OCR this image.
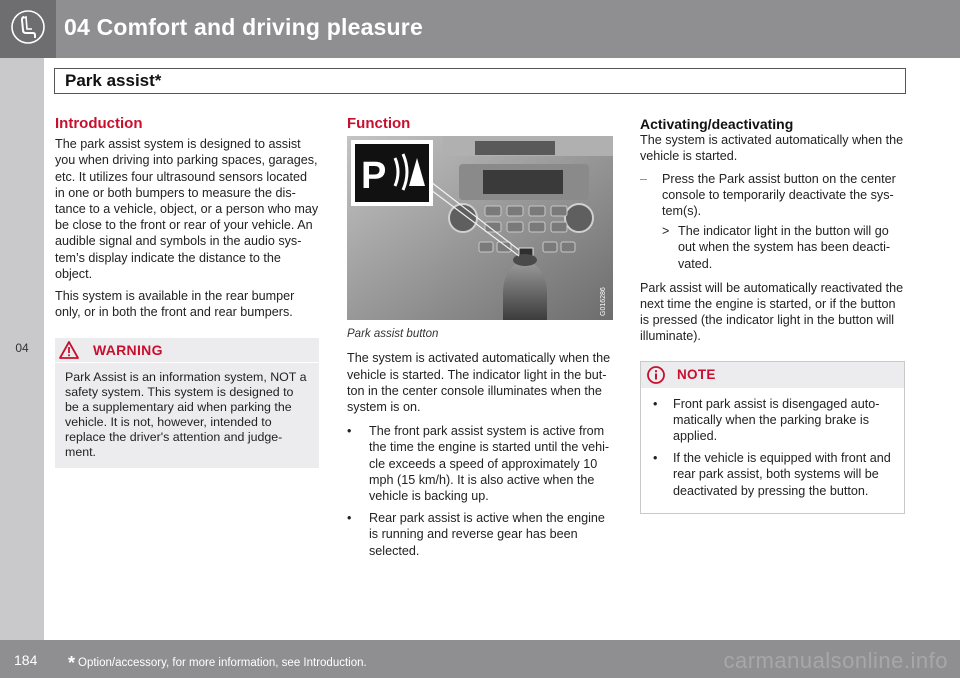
04 Comfort and driving pleasure
04
Park assist*
Introduction

The park assist system is designed to assist you when driving into parking spaces, garages, etc. It utilizes four ultrasound sensors located in one or both bumpers to measure the dis-tance to a vehicle, object, or a person who may be close to the front or rear of your vehicle. An audible signal and symbols in the audio sys-tem’s display indicate the distance to the object.

This system is available in the rear bumper only, or in both the front and rear bumpers.

WARNING
Park Assist is an information system, NOT a safety system. This system is designed to be a supplementary aid when parking the vehicle. It is not, however, intended to replace the driver's attention and judge-ment.
Function
P
G016286
Park assist button

The system is activated automatically when the vehicle is started. The indicator light in the but-ton in the center console illuminates when the system is on.

• The front park assist system is active from the time the engine is started until the vehi-cle exceeds a speed of approximately 10 mph (15 km/h). It is also active when the vehicle is backing up.
• Rear park assist is active when the engine is running and reverse gear has been selected.
Activating/deactivating

The system is activated automatically when the vehicle is started.

– Press the Park assist button on the center console to temporarily deactivate the sys-tem(s).
> The indicator light in the button will go out when the system has been deacti-vated.

Park assist will be automatically reactivated the next time the engine is started, or if the button is pressed (the indicator light in the button will illuminate).

NOTE
• Front park assist is disengaged auto-matically when the parking brake is applied.
• If the vehicle is equipped with front and rear park assist, both systems will be deactivated by pressing the button.
184 * Option/accessory, for more information, see Introduction.	carmanualsonline.info
